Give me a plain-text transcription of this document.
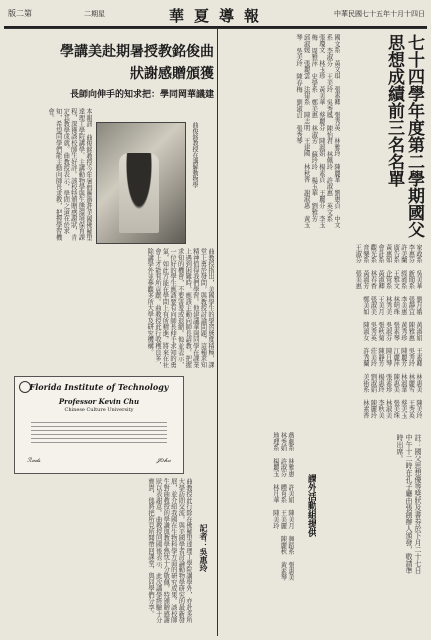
版二第	二期星	華夏導報	中華民國七十五年十月十四日
七十四學年度第二學期國父思想成績前三名名單
國文系 黃文琪 張素卿 張秀英 林雅玲 陳麗華 劉惠貞 中文系 李淑芬 王美玲 吳秀鳳 陳怡君 林佩玲 許淑惠 英文系 張瓊文 林玉珍 黃美華 蔡麗芬 陳淑娟 楊素貞 王麗芬 李玉梅 周雅萍 史學系 鄭美惠 林淑芳 蘇玲玲 楊玉華 劉雅芳 邱淑媛 張麗雲 法律系 陳志明 王建國 林秋香 謝淑惠 黃玉琴 吳美玲 陳春梅 劉淑貞 張秀琴
家政系 吳美華 劉月娥 黃淑娟 王素卿 林惠美 陳美玲 李惠芬 新聞系 張靜宜 陳雅惠 吳秀玲 林麗雪 王秀英 許美蘭 經濟系 李美惠 黃秀珍 陳麗芳 林淑華 蔡美玉 廣告系 王雅文 林明珠 張素琴 江麗萍 陳惠美 張美珠 黃惠如 企管系 林秀美 吳淑芬 陳月琴 張素珍 林淑美 會計系 黃淑卿 王美月 張秋菊 陳靜芳 楊惠玲 李秋美 觀光系 林春香 張淑美 吳秀英 莊美玲 劉淑娟 陳麗玲 音樂系 黃淑芳 鄭美如 陳淑女 許秀蘭 美術系 林素香 王淑芬 張美惠
戲劇系 林雅惠 許美娟 陳美月 舞蹈系 張惠美 林秀娟 許淑芬 體育系 王美麗 陳麗秋 黃素琴 地理系 楊麗玉 林月華 陳美玲	註：國父思想優等獎狀及書券於下月二十七日中午十二時在孔子廳由張創辦人頒發，敬請準時出席。
課外活動組提供
學講美赴期暑授教銘俊曲
狀謝感贈頒獲
長師向伸手的知求把：學同岡華議建
本報訊 曲俊銘教授今年暑假應邀赴美國佛羅里達理工學院講學，主講動物學與生態環境保育課程，深獲該校師生好評。該校特頒贈感謝狀，肯定其教學成就。曲教授表示，學問之道在於求知，希望同學們能主動向師長求教，把握學習機會。
曲俊銘教授在講解動物學
曲教授指出，美國學生的學習態度積極，課堂上勇於發問，與教授討論問題，這種求知精神值得我們學習。他建議華岡同學在課業上遇到困難時，應該主動向師長請教，把握求知的機會，不要害羞或退縮。他並表示，一位好的學生應該要有向師長伸手求知的勇氣，如此方能在學問上有所精進，將來在社會上才能有所貢獻。曲教授此行收穫良多，除講學外並參觀多所大學及研究機構。
Florida Institute of Technology
Professor Kevin Chu
Chinese Culture University
ℛ𝓊𝒹𝓈	𝒥𝑜𝒽𝓃
曲教授此行除在佛羅里達理工學院講學外，亦赴多所大學訪問交流，與美國學者討論動物學研究的最新發展，並介紹我國在生物科學方面的研究成果。該校師生對曲教授的學識與教學熱忱十分敬佩，特頒贈感謝狀以表謝意。曲教授回國後表示，此次講學經驗十分寶貴，他將把所見所聞帶回課堂，與同學們分享。	記者：吳惠玲
